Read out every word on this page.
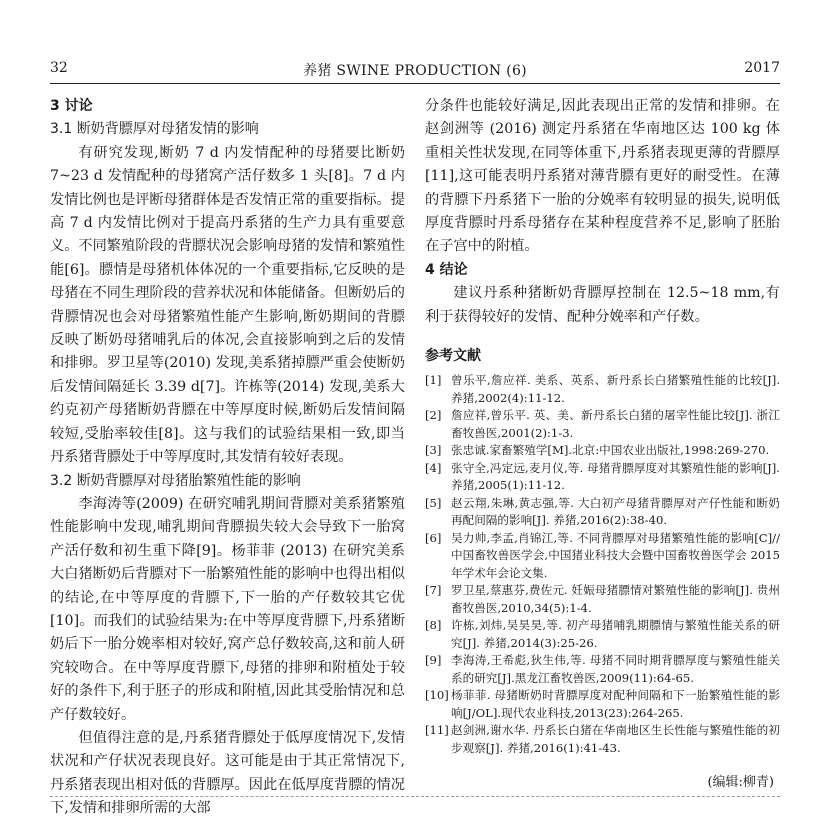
32	养猪 SWINE PRODUCTION (6)	2017
3 讨论
3.1 断奶背膘厚对母猪发情的影响

有研究发现,断奶 7 d 内发情配种的母猪要比断奶 7~23 d 发情配种的母猪窝产活仔数多 1 头[8]。7 d 内发情比例也是评断母猪群体是否发情正常的重要指标。提高 7 d 内发情比例对于提高丹系猪的生产力具有重要意义。不同繁殖阶段的背膘状况会影响母猪的发情和繁殖性能[6]。膘情是母猪机体体况的一个重要指标,它反映的是母猪在不同生理阶段的营养状况和体能储备。但断奶后的背膘情况也会对母猪繁殖性能产生影响,断奶期间的背膘反映了断奶母猪哺乳后的体况,会直接影响到之后的发情和排卵。罗卫星等(2010) 发现,美系猪掉膘严重会使断奶后发情间隔延长 3.39 d[7]。许栋等(2014) 发现,美系大约克初产母猪断奶背膘在中等厚度时候,断奶后发情间隔较短,受胎率较佳[8]。这与我们的试验结果相一致,即当丹系猪背膘处于中等厚度时,其发情有较好表现。

3.2 断奶背膘厚对母猪胎繁殖性能的影响

李海涛等(2009) 在研究哺乳期间背膘对美系猪繁殖性能影响中发现,哺乳期间背膘损失较大会导致下一胎窝产活仔数和初生重下降[9]。杨菲菲 (2013) 在研究美系大白猪断奶后背膘对下一胎繁殖性能的影响中也得出相似的结论,在中等厚度的背膘下,下一胎的产仔数较其它优[10]。而我们的试验结果为:在中等厚度背膘下,丹系猪断奶后下一胎分娩率相对较好,窝产总仔数较高,这和前人研究较吻合。在中等厚度背膘下,母猪的排卵和附植处于较好的条件下,利于胚子的形成和附植,因此其受胎情况和总产仔数较好。

但值得注意的是,丹系猪背膘处于低厚度情况下,发情状况和产仔状况表现良好。这可能是由于其正常情况下,丹系猪表现出相对低的背膘厚。因此在低厚度背膘的情况下,发情和排卵所需的大部

分条件也能较好满足,因此表现出正常的发情和排卵。在赵剑洲等 (2016) 测定丹系猪在华南地区达 100 kg 体重相关性状发现,在同等体重下,丹系猪表现更薄的背膘厚[11],这可能表明丹系猪对薄背膘有更好的耐受性。在薄的背膘下丹系猪下一胎的分娩率有较明显的损失,说明低厚度背膘时丹系母猪存在某种程度营养不足,影响了胚胎在子宫中的附植。

4 结论

建议丹系种猪断奶背膘厚控制在 12.5~18 mm,有利于获得较好的发情、配种分娩率和产仔数。

参考文献
[1] 曾乐平,詹应祥. 美系、英系、新丹系长白猪繁殖性能的比较[J]. 养猪,2002(4):11-12.
[2] 詹应祥,曾乐平. 英、美、新丹系长白猪的屠宰性能比较[J]. 浙江畜牧兽医,2001(2):1-3.
[3] 张忠诚.家畜繁殖学[M].北京:中国农业出版社,1998:269-270.
[4] 张守全,冯定远,麦月仪,等. 母猪背膘厚度对其繁殖性能的影响[J]. 养猪,2005(1):11-12.
[5] 赵云翔,朱琳,黄志强,等. 大白初产母猪背膘厚对产仔性能和断奶再配间隔的影响[J]. 养猪,2016(2):38-40.
[6] 吴力帅,李孟,肖锦江,等. 不同背膘厚对母猪繁殖性能的影响[C]// 中国畜牧兽医学会,中国猪业科技大会暨中国畜牧兽医学会 2015 年学术年会论文集.
[7] 罗卫星,蔡惠芬,费佐元. 妊娠母猪膘情对繁殖性能的影响[J]. 贵州畜牧兽医,2010,34(5):1-4.
[8] 许栋,刘炜,吴昊昊,等. 初产母猪哺乳期膘情与繁殖性能关系的研究[J]. 养猪,2014(3):25-26.
[9] 李海涛,王希彪,狄生伟,等. 母猪不同时期背膘厚度与繁殖性能关系的研究[J].黑龙江畜牧兽医,2009(11):64-65.
[10] 杨菲菲. 母猪断奶时背膘厚度对配种间隔和下一胎繁殖性能的影响[J/OL].现代农业科技,2013(23):264-265.
[11] 赵剑洲,谢水华. 丹系长白猪在华南地区生长性能与繁殖性能的初步观察[J]. 养猪,2016(1):41-43.
(编辑:柳青)
